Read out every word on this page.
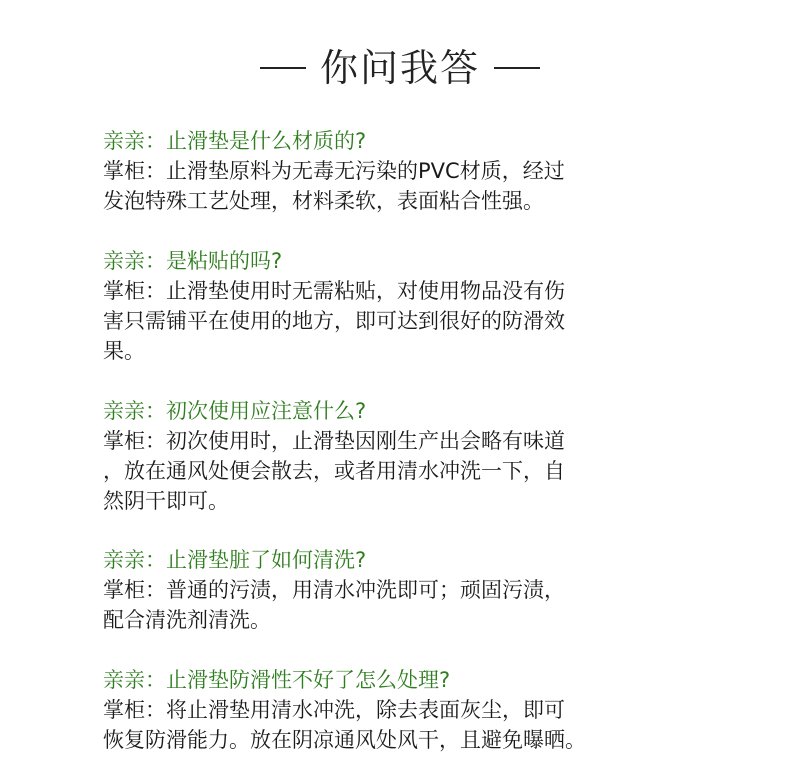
你问我答
亲亲：止滑垫是什么材质的?
掌柜：止滑垫原料为无毒无污染的PVC材质，经过
发泡特殊工艺处理，材料柔软，表面粘合性强。
亲亲：是粘贴的吗?
掌柜：止滑垫使用时无需粘贴，对使用物品没有伤
害只需铺平在使用的地方，即可达到很好的防滑效
果。
亲亲：初次使用应注意什么?
掌柜：初次使用时，止滑垫因刚生产出会略有味道
，放在通风处便会散去，或者用清水冲洗一下，自
然阴干即可。
亲亲：止滑垫脏了如何清洗?
掌柜：普通的污渍，用清水冲洗即可；顽固污渍，
配合清洗剂清洗。
亲亲：止滑垫防滑性不好了怎么处理?
掌柜：将止滑垫用清水冲洗，除去表面灰尘，即可
恢复防滑能力。放在阴凉通风处风干，且避免曝晒。
